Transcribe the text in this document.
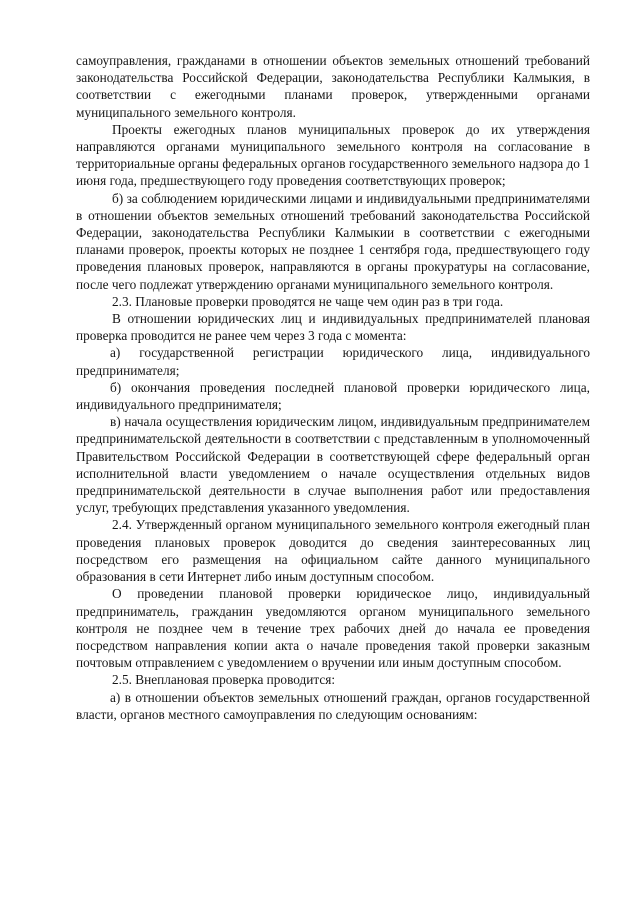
самоуправления, гражданами в отношении объектов земельных отношений требований законодательства Российской Федерации, законодательства Республики Калмыкия, в соответствии с ежегодными планами проверок, утвержденными органами муниципального земельного контроля.

Проекты ежегодных планов муниципальных проверок до их утверждения направляются органами муниципального земельного контроля на согласование в территориальные органы федеральных органов государственного земельного надзора до 1 июня года, предшествующего году проведения соответствующих проверок;

б) за соблюдением юридическими лицами и индивидуальными предпринимателями в отношении объектов земельных отношений требований законодательства Российской Федерации, законодательства Республики Калмыкии в соответствии с ежегодными планами проверок, проекты которых не позднее 1 сентября года, предшествующего году проведения плановых проверок, направляются в органы прокуратуры на согласование, после чего подлежат утверждению органами муниципального земельного контроля.

2.3. Плановые проверки проводятся не чаще чем один раз в три года.

В отношении юридических лиц и индивидуальных предпринимателей плановая проверка проводится не ранее чем через 3 года с момента:

а) государственной регистрации юридического лица, индивидуального предпринимателя;

б) окончания проведения последней плановой проверки юридического лица, индивидуального предпринимателя;

в) начала осуществления юридическим лицом, индивидуальным предпринимателем предпринимательской деятельности в соответствии с представленным в уполномоченный Правительством Российской Федерации в соответствующей сфере федеральный орган исполнительной власти уведомлением о начале осуществления отдельных видов предпринимательской деятельности в случае выполнения работ или предоставления услуг, требующих представления указанного уведомления.

2.4. Утвержденный органом муниципального земельного контроля ежегодный план проведения плановых проверок доводится до сведения заинтересованных лиц посредством его размещения на официальном сайте данного муниципального образования в сети Интернет либо иным доступным способом.

О проведении плановой проверки юридическое лицо, индивидуальный предприниматель, гражданин уведомляются органом муниципального земельного контроля не позднее чем в течение трех рабочих дней до начала ее проведения посредством направления копии акта о начале проведения такой проверки заказным почтовым отправлением с уведомлением о вручении или иным доступным способом.

2.5. Внеплановая проверка проводится:

а) в отношении объектов земельных отношений граждан, органов государственной власти, органов местного самоуправления по следующим основаниям:
